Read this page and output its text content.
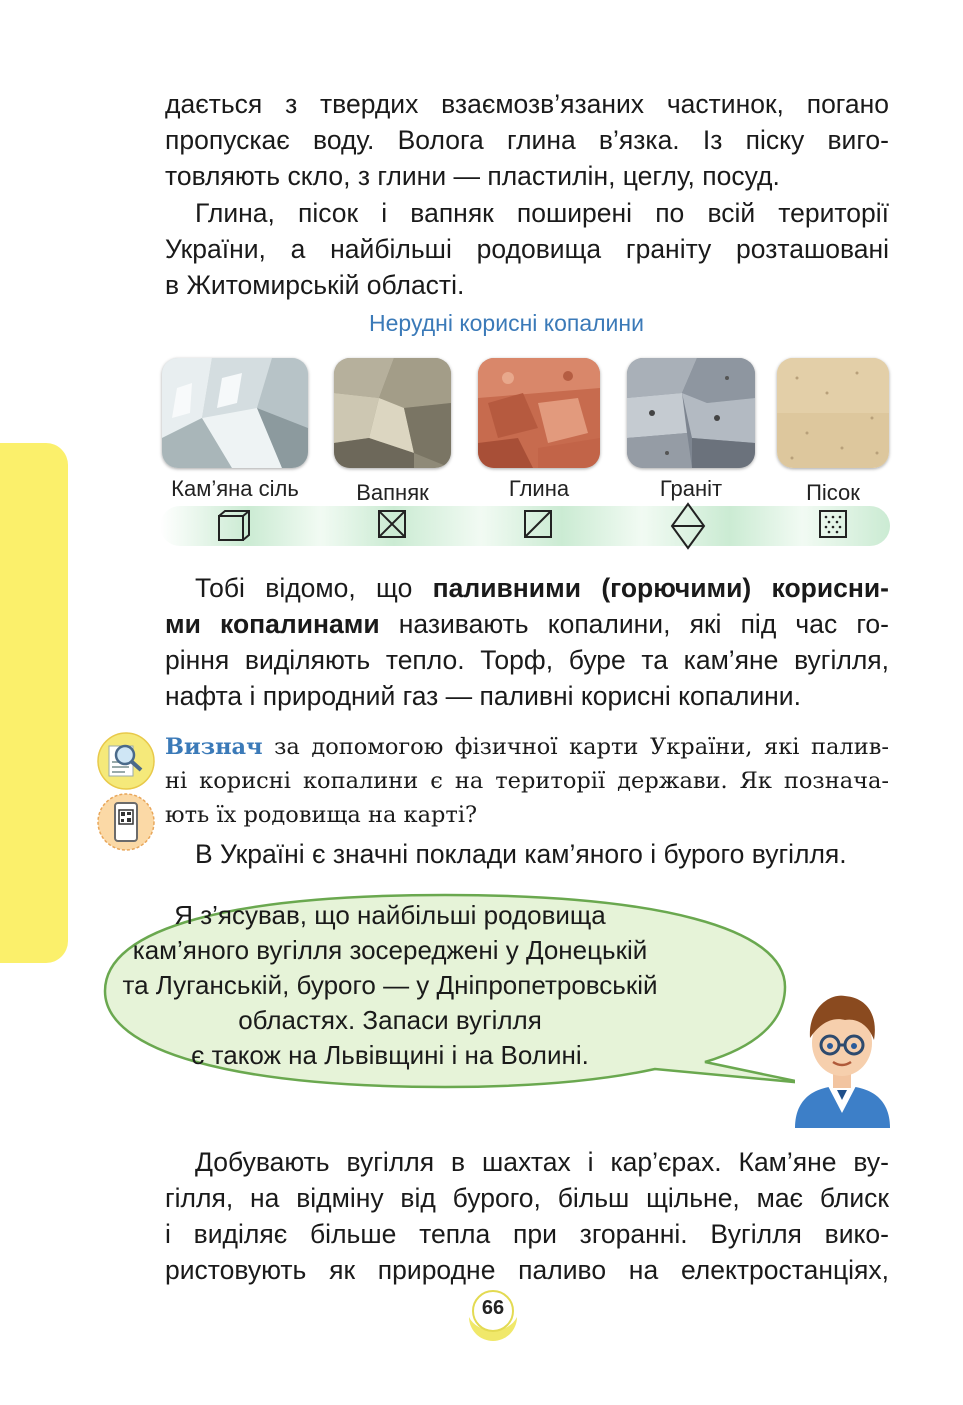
дається з твердих взаємозв’язаних частинок, погано
пропускає воду. Волога глина в’язка. Із піску виго-
товляють скло, з глини — пластилін, цеглу, посуд.
Глина, пісок і вапняк поширені по всій території
України, а найбільші родовища граніту розташовані
в Житомирській області.
Нерудні корисні копалини
Кам’яна сіль	Вапняк	Глина	Граніт	Пісок
Тобі відомо, що паливними (горючими) корисни-
ми копалинами називають копалини, які під час го-
ріння виділяють тепло. Торф, буре та кам’яне вугілля,
нафта і природний газ — паливні корисні копалини.
Визнач за допомогою фізичної карти України, які палив-
ні корисні копалини є на території держави. Як познача-
ють їх родовища на карті?
В Україні є значні поклади кам’яного і бурого вугілля.
Я з’ясував, що найбільші родовища
кам’яного вугілля зосереджені у Донецькій
та Луганській, бурого — у Дніпропетровській
областях. Запаси вугілля
є також на Львівщині і на Волині.
Добувають вугілля в шахтах і кар’єрах. Кам’яне ву-
гілля, на відміну від бурого, більш щільне, має блиск
і виділяє більше тепла при згоранні. Вугілля вико-
ристовують як природне паливо на електростанціях,
66
